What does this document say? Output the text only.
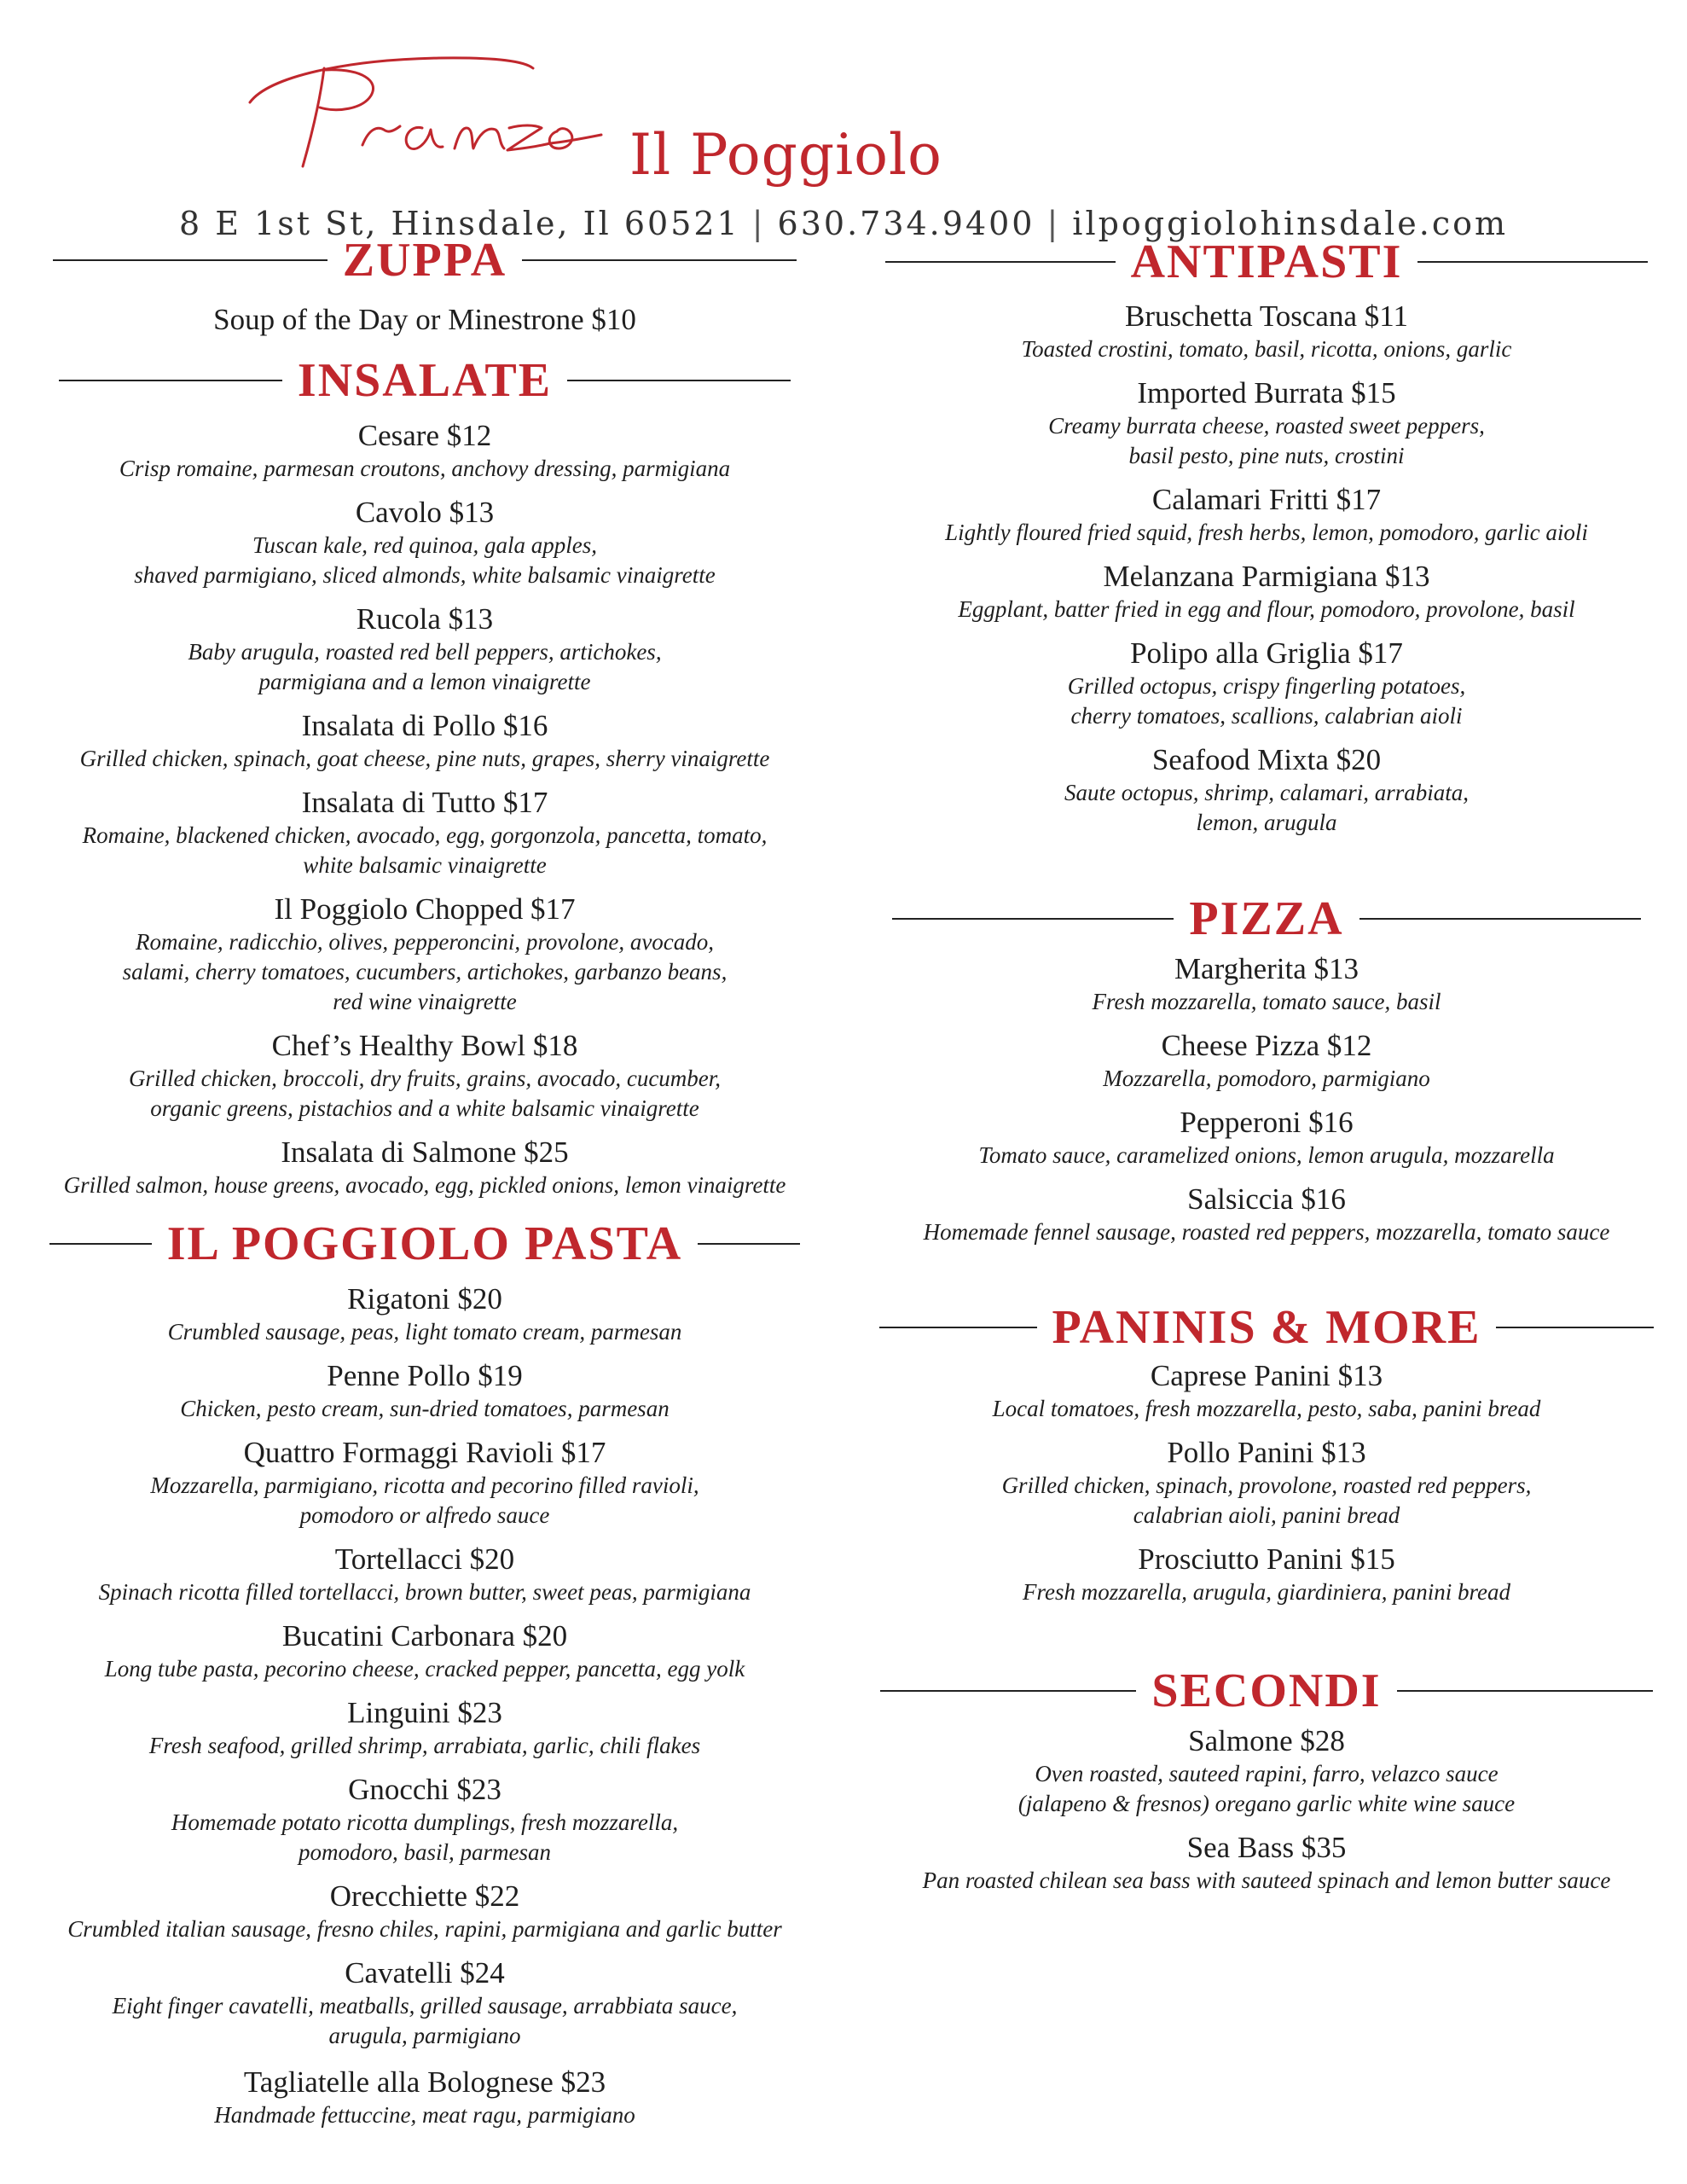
Il Poggiolo
8 E 1st St, Hinsdale, Il 60521 | 630.734.9400 | ilpoggiolohinsdale.com
ZUPPA
Soup of the Day or Minestrone $10
INSALATE
Cesare $12
Crisp romaine, parmesan croutons, anchovy dressing, parmigiana
Cavolo $13
Tuscan kale, red quinoa, gala apples,
shaved parmigiano, sliced almonds, white balsamic vinaigrette
Rucola $13
Baby arugula, roasted red bell peppers, artichokes,
parmigiana and a lemon vinaigrette
Insalata di Pollo $16
Grilled chicken, spinach, goat cheese, pine nuts, grapes, sherry vinaigrette
Insalata di Tutto $17
Romaine, blackened chicken, avocado, egg, gorgonzola, pancetta, tomato,
white balsamic vinaigrette
Il Poggiolo Chopped $17
Romaine, radicchio, olives, pepperoncini, provolone, avocado,
salami, cherry tomatoes, cucumbers, artichokes, garbanzo beans,
red wine vinaigrette
Chef’s Healthy Bowl $18
Grilled chicken, broccoli, dry fruits, grains, avocado, cucumber,
organic greens, pistachios and a white balsamic vinaigrette
Insalata di Salmone $25
Grilled salmon, house greens, avocado, egg, pickled onions, lemon vinaigrette
IL POGGIOLO PASTA
Rigatoni $20
Crumbled sausage, peas, light tomato cream, parmesan
Penne Pollo $19
Chicken, pesto cream, sun-dried tomatoes, parmesan
Quattro Formaggi Ravioli $17
Mozzarella, parmigiano, ricotta and pecorino filled ravioli,
pomodoro or alfredo sauce
Tortellacci $20
Spinach ricotta filled tortellacci, brown butter, sweet peas, parmigiana
Bucatini Carbonara $20
Long tube pasta, pecorino cheese, cracked pepper, pancetta, egg yolk
Linguini $23
Fresh seafood, grilled shrimp, arrabiata, garlic, chili flakes
Gnocchi $23
Homemade potato ricotta dumplings, fresh mozzarella,
pomodoro, basil, parmesan
Orecchiette $22
Crumbled italian sausage, fresno chiles, rapini, parmigiana and garlic butter
Cavatelli $24
Eight finger cavatelli, meatballs, grilled sausage, arrabbiata sauce,
arugula, parmigiano
Tagliatelle alla Bolognese $23
Handmade fettuccine, meat ragu, parmigiano
ANTIPASTI
Bruschetta Toscana $11
Toasted crostini, tomato, basil, ricotta, onions, garlic
Imported Burrata $15
Creamy burrata cheese, roasted sweet peppers,
basil pesto, pine nuts, crostini
Calamari Fritti $17
Lightly floured fried squid, fresh herbs, lemon, pomodoro, garlic aioli
Melanzana Parmigiana $13
Eggplant, batter fried in egg and flour, pomodoro, provolone, basil
Polipo alla Griglia $17
Grilled octopus, crispy fingerling potatoes,
cherry tomatoes, scallions, calabrian aioli
Seafood Mixta $20
Saute octopus, shrimp, calamari, arrabiata,
lemon, arugula
PIZZA
Margherita $13
Fresh mozzarella, tomato sauce, basil
Cheese Pizza $12
Mozzarella, pomodoro, parmigiano
Pepperoni $16
Tomato sauce, caramelized onions, lemon arugula, mozzarella
Salsiccia $16
Homemade fennel sausage, roasted red peppers, mozzarella, tomato sauce
PANINIS & MORE
Caprese Panini $13
Local tomatoes, fresh mozzarella, pesto, saba, panini bread
Pollo Panini $13
Grilled chicken, spinach, provolone, roasted red peppers,
calabrian aioli, panini bread
Prosciutto Panini $15
Fresh mozzarella, arugula, giardiniera, panini bread
SECONDI
Salmone $28
Oven roasted, sauteed rapini, farro, velazco sauce
(jalapeno & fresnos) oregano garlic white wine sauce
Sea Bass $35
Pan roasted chilean sea bass with sauteed spinach and lemon butter sauce
